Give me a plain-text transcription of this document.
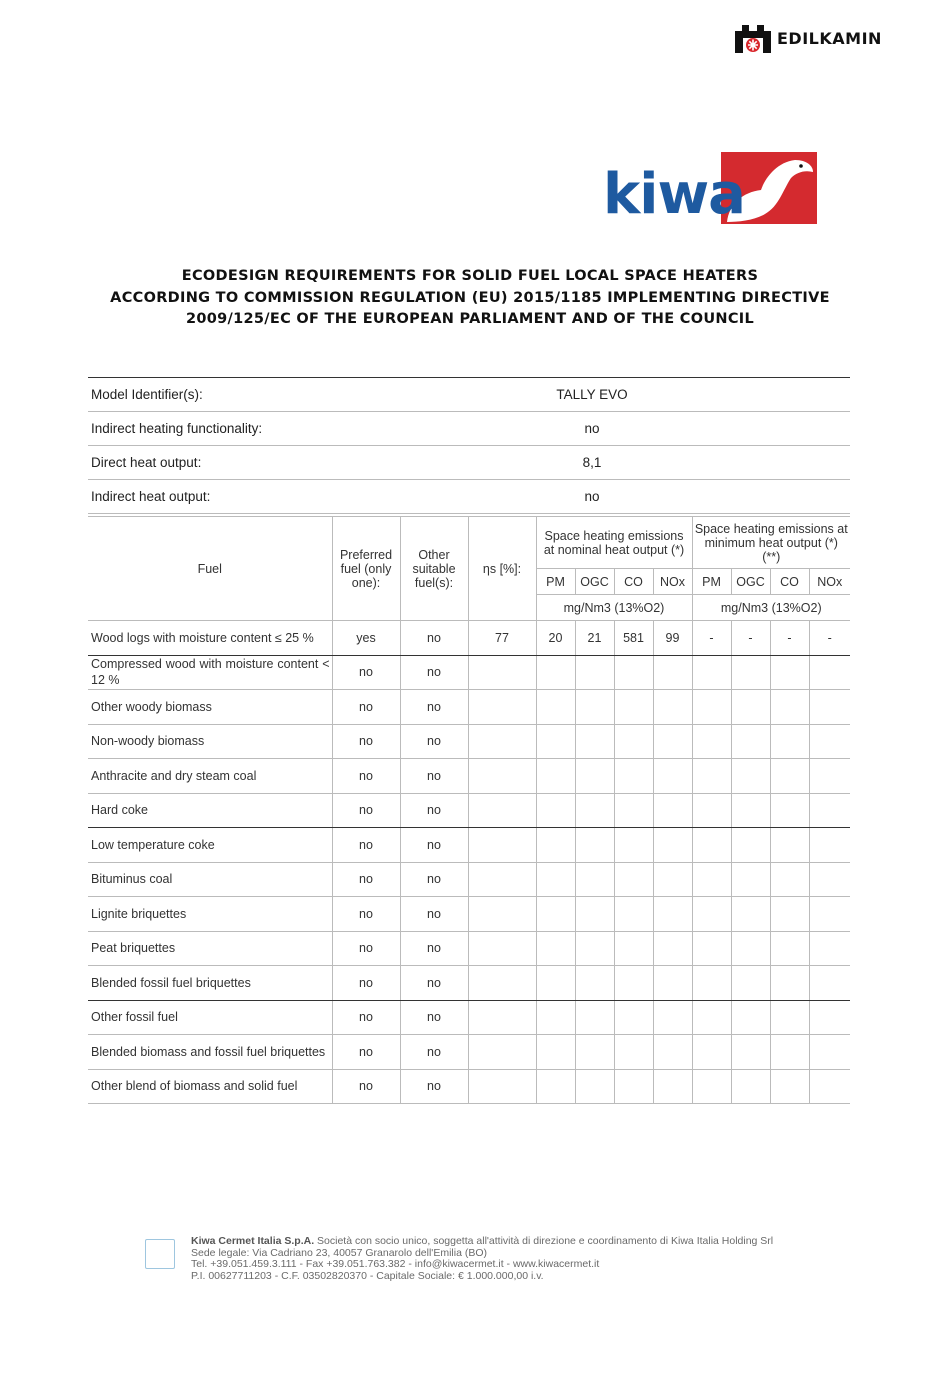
EDILKAMIN
kiwa
ECODESIGN REQUIREMENTS FOR SOLID FUEL LOCAL SPACE HEATERS
ACCORDING TO COMMISSION REGULATION (EU) 2015/1185 IMPLEMENTING DIRECTIVE
2009/125/EC OF THE EUROPEAN PARLIAMENT AND OF THE COUNCIL
Model Identifier(s):	TALLY EVO
Indirect heating functionality:	no
Direct heat output:	8,1
Indirect heat output:	no
Fuel	Preferred fuel (only one):	Other suitable fuel(s):	ηs [%]:	Space heating emissions at nominal heat output (*)				Space heating emissions at minimum heat output (*) (**)			
				PM	OGC	CO	NOx	PM	OGC	CO	NOx
				mg/Nm3 (13%O2)				mg/Nm3 (13%O2)			
Wood logs with moisture content ≤ 25 %	yes	no	77	20	21	581	99	-	-	-	-
Compressed wood with moisture content < 12 %	no	no									
Other woody biomass	no	no									
Non-woody biomass	no	no									
Anthracite and dry steam coal	no	no									
Hard coke	no	no									
Low temperature coke	no	no									
Bituminus coal	no	no									
Lignite briquettes	no	no									
Peat briquettes	no	no									
Blended fossil fuel briquettes	no	no									
Other fossil fuel	no	no									
Blended biomass and fossil fuel briquettes	no	no									
Other blend of biomass and solid fuel	no	no									
Kiwa Cermet Italia S.p.A. Società con socio unico, soggetta all'attività di direzione e coordinamento di Kiwa Italia Holding Srl
Sede legale: Via Cadriano 23, 40057 Granarolo dell'Emilia (BO)
Tel. +39.051.459.3.111 - Fax +39.051.763.382 - info@kiwacermet.it - www.kiwacermet.it
P.I. 00627711203 - C.F. 03502820370 - Capitale Sociale: € 1.000.000,00 i.v.
